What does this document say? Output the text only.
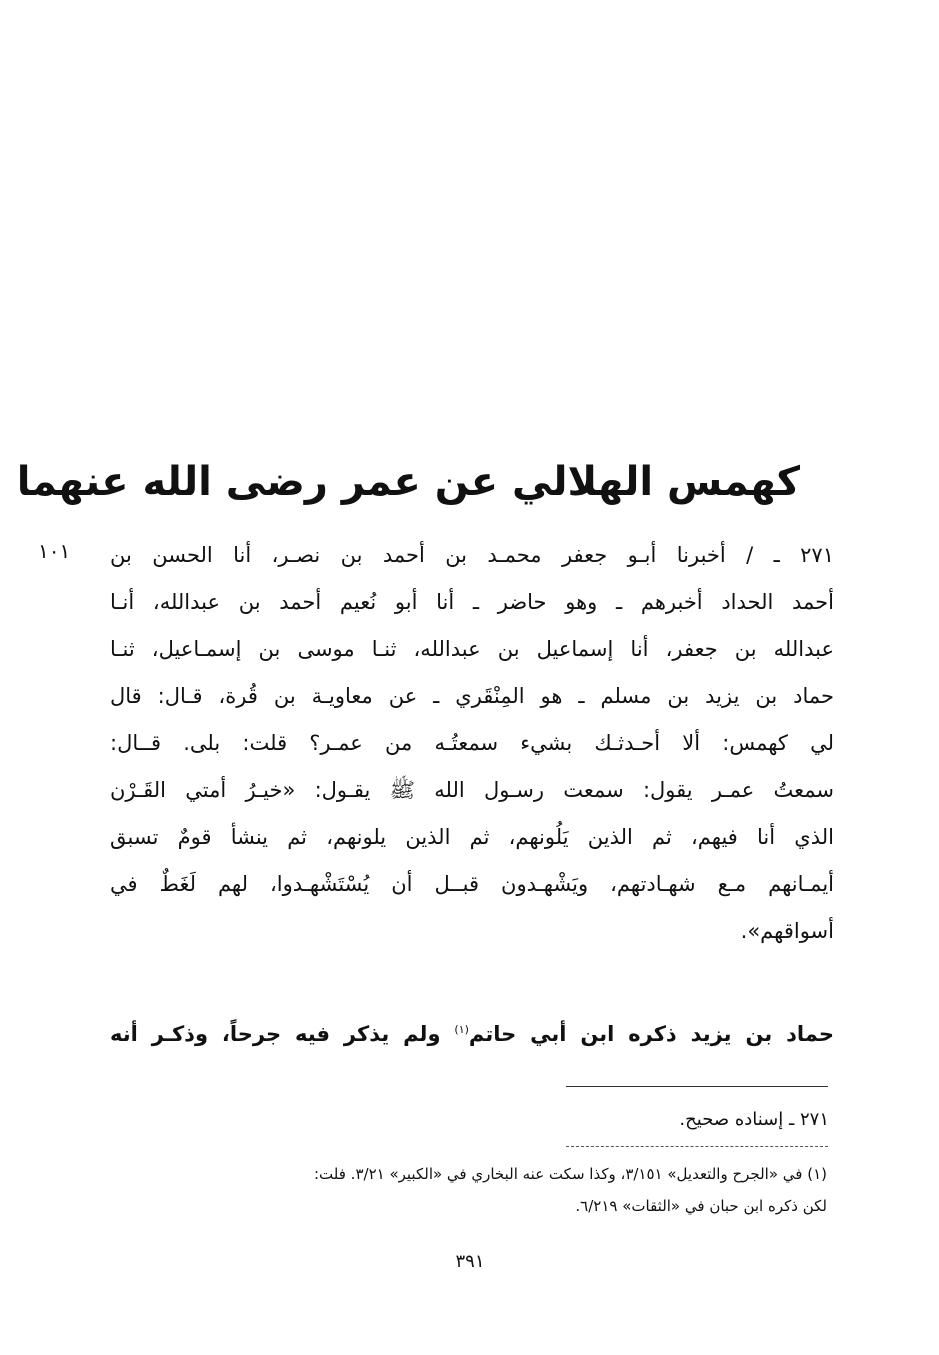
كهمس الهلالي عن عمر رضى الله عنهما
١٠١ ٢٧١ ـ / أخبرنا أبـو جعفر محمـد بن أحمد بن نصـر، أنا الحسن بن
أحمد الحداد أخبرهم ـ وهو حاضر ـ أنا أبو نُعيم أحمد بن عبدالله، أنـا
عبدالله بن جعفر، أنا إسماعيل بن عبدالله، ثنـا موسى بن إسمـاعيل، ثنـا
حماد بن يزيد بن مسلم ـ هو المِنْقَري ـ عن معاويـة بن قُرة، قـال: قال
لي كهمس: ألا أحـدثـك بشيء سمعتُـه من عمـر؟ قلت: بلى. قــال:
سمعتُ عمـر يقول: سمعت رسـول الله ﷺ يقـول: «خيـرُ أمتي القَـرْن
الذي أنا فيهم، ثم الذين يَلُونهم، ثم الذين يلونهم، ثم ينشأ قومٌ تسبق
أيمـانهم مـع شهـادتهم، ويَشْهـدون قبــل أن يُسْتَشْهـدوا، لهم لَغَطٌ في
أسواقهم».
حماد بن يزيد ذكره ابن أبي حاتم$^{(١)}$ ولم يذكر فيه جرحاً، وذكـر أنه
٢٧١ ـ إسناده صحيح.
(١) في «الجرح والتعديل» ٣/١٥١، وكذا سكت عنه البخاري في «الكبير» ٣/٢١. فلت:
لكن ذكره ابن حبان في «الثقات» ٦/٢١٩.
٣٩١
